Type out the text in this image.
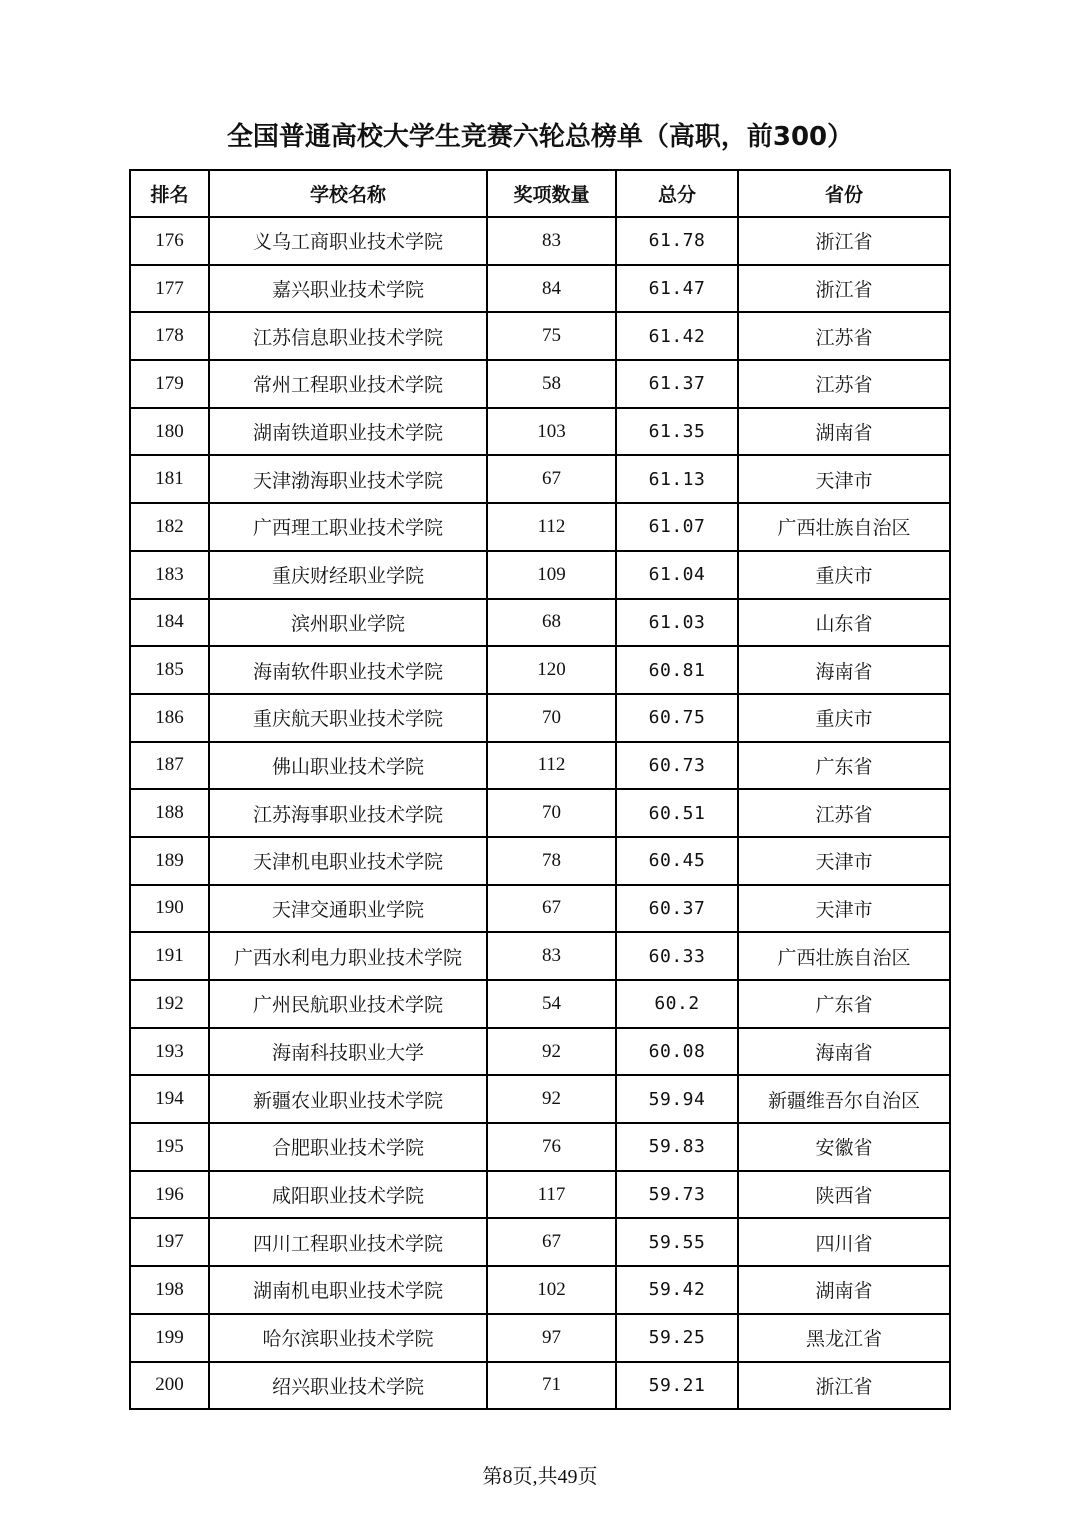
全国普通高校大学生竞赛六轮总榜单（高职，前300）
排名	学校名称	奖项数量	总分	省份
176	义乌工商职业技术学院	83	61.78	浙江省
177	嘉兴职业技术学院	84	61.47	浙江省
178	江苏信息职业技术学院	75	61.42	江苏省
179	常州工程职业技术学院	58	61.37	江苏省
180	湖南铁道职业技术学院	103	61.35	湖南省
181	天津渤海职业技术学院	67	61.13	天津市
182	广西理工职业技术学院	112	61.07	广西壮族自治区
183	重庆财经职业学院	109	61.04	重庆市
184	滨州职业学院	68	61.03	山东省
185	海南软件职业技术学院	120	60.81	海南省
186	重庆航天职业技术学院	70	60.75	重庆市
187	佛山职业技术学院	112	60.73	广东省
188	江苏海事职业技术学院	70	60.51	江苏省
189	天津机电职业技术学院	78	60.45	天津市
190	天津交通职业学院	67	60.37	天津市
191	广西水利电力职业技术学院	83	60.33	广西壮族自治区
192	广州民航职业技术学院	54	60.2	广东省
193	海南科技职业大学	92	60.08	海南省
194	新疆农业职业技术学院	92	59.94	新疆维吾尔自治区
195	合肥职业技术学院	76	59.83	安徽省
196	咸阳职业技术学院	117	59.73	陕西省
197	四川工程职业技术学院	67	59.55	四川省
198	湖南机电职业技术学院	102	59.42	湖南省
199	哈尔滨职业技术学院	97	59.25	黑龙江省
200	绍兴职业技术学院	71	59.21	浙江省
第8页,共49页
